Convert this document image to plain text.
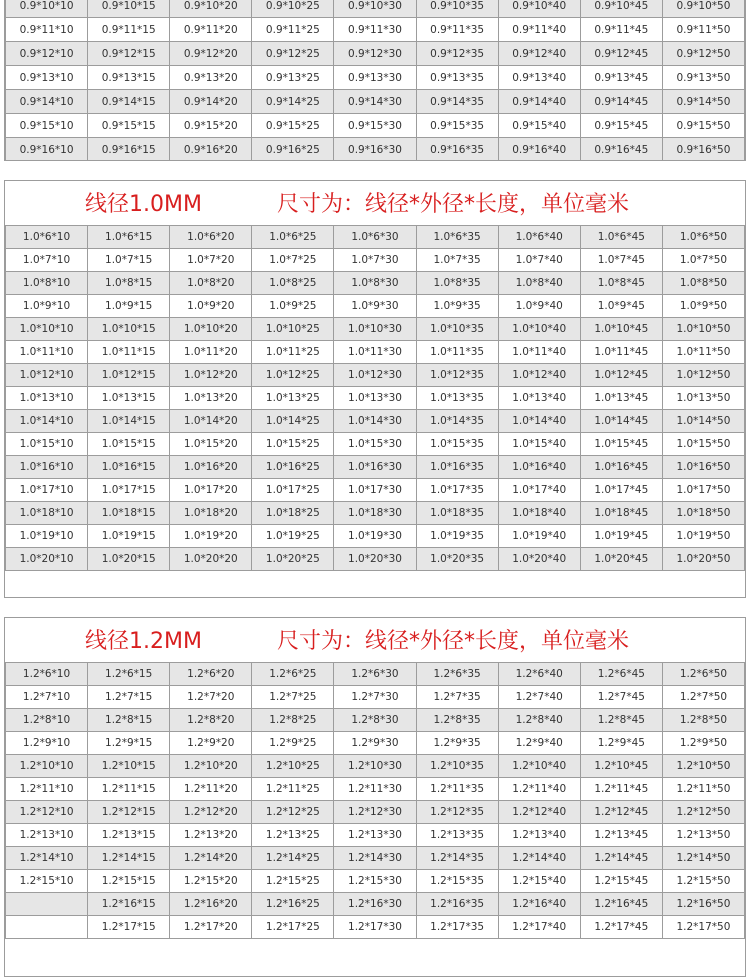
0.9*10*10	0.9*10*15	0.9*10*20	0.9*10*25	0.9*10*30	0.9*10*35	0.9*10*40	0.9*10*45	0.9*10*50
0.9*11*10	0.9*11*15	0.9*11*20	0.9*11*25	0.9*11*30	0.9*11*35	0.9*11*40	0.9*11*45	0.9*11*50
0.9*12*10	0.9*12*15	0.9*12*20	0.9*12*25	0.9*12*30	0.9*12*35	0.9*12*40	0.9*12*45	0.9*12*50
0.9*13*10	0.9*13*15	0.9*13*20	0.9*13*25	0.9*13*30	0.9*13*35	0.9*13*40	0.9*13*45	0.9*13*50
0.9*14*10	0.9*14*15	0.9*14*20	0.9*14*25	0.9*14*30	0.9*14*35	0.9*14*40	0.9*14*45	0.9*14*50
0.9*15*10	0.9*15*15	0.9*15*20	0.9*15*25	0.9*15*30	0.9*15*35	0.9*15*40	0.9*15*45	0.9*15*50
0.9*16*10	0.9*16*15	0.9*16*20	0.9*16*25	0.9*16*30	0.9*16*35	0.9*16*40	0.9*16*45	0.9*16*50
线径1.0MM	尺寸为：线径*外径*长度，单位毫米
1.0*6*10	1.0*6*15	1.0*6*20	1.0*6*25	1.0*6*30	1.0*6*35	1.0*6*40	1.0*6*45	1.0*6*50
1.0*7*10	1.0*7*15	1.0*7*20	1.0*7*25	1.0*7*30	1.0*7*35	1.0*7*40	1.0*7*45	1.0*7*50
1.0*8*10	1.0*8*15	1.0*8*20	1.0*8*25	1.0*8*30	1.0*8*35	1.0*8*40	1.0*8*45	1.0*8*50
1.0*9*10	1.0*9*15	1.0*9*20	1.0*9*25	1.0*9*30	1.0*9*35	1.0*9*40	1.0*9*45	1.0*9*50
1.0*10*10	1.0*10*15	1.0*10*20	1.0*10*25	1.0*10*30	1.0*10*35	1.0*10*40	1.0*10*45	1.0*10*50
1.0*11*10	1.0*11*15	1.0*11*20	1.0*11*25	1.0*11*30	1.0*11*35	1.0*11*40	1.0*11*45	1.0*11*50
1.0*12*10	1.0*12*15	1.0*12*20	1.0*12*25	1.0*12*30	1.0*12*35	1.0*12*40	1.0*12*45	1.0*12*50
1.0*13*10	1.0*13*15	1.0*13*20	1.0*13*25	1.0*13*30	1.0*13*35	1.0*13*40	1.0*13*45	1.0*13*50
1.0*14*10	1.0*14*15	1.0*14*20	1.0*14*25	1.0*14*30	1.0*14*35	1.0*14*40	1.0*14*45	1.0*14*50
1.0*15*10	1.0*15*15	1.0*15*20	1.0*15*25	1.0*15*30	1.0*15*35	1.0*15*40	1.0*15*45	1.0*15*50
1.0*16*10	1.0*16*15	1.0*16*20	1.0*16*25	1.0*16*30	1.0*16*35	1.0*16*40	1.0*16*45	1.0*16*50
1.0*17*10	1.0*17*15	1.0*17*20	1.0*17*25	1.0*17*30	1.0*17*35	1.0*17*40	1.0*17*45	1.0*17*50
1.0*18*10	1.0*18*15	1.0*18*20	1.0*18*25	1.0*18*30	1.0*18*35	1.0*18*40	1.0*18*45	1.0*18*50
1.0*19*10	1.0*19*15	1.0*19*20	1.0*19*25	1.0*19*30	1.0*19*35	1.0*19*40	1.0*19*45	1.0*19*50
1.0*20*10	1.0*20*15	1.0*20*20	1.0*20*25	1.0*20*30	1.0*20*35	1.0*20*40	1.0*20*45	1.0*20*50
线径1.2MM	尺寸为：线径*外径*长度，单位毫米
1.2*6*10	1.2*6*15	1.2*6*20	1.2*6*25	1.2*6*30	1.2*6*35	1.2*6*40	1.2*6*45	1.2*6*50
1.2*7*10	1.2*7*15	1.2*7*20	1.2*7*25	1.2*7*30	1.2*7*35	1.2*7*40	1.2*7*45	1.2*7*50
1.2*8*10	1.2*8*15	1.2*8*20	1.2*8*25	1.2*8*30	1.2*8*35	1.2*8*40	1.2*8*45	1.2*8*50
1.2*9*10	1.2*9*15	1.2*9*20	1.2*9*25	1.2*9*30	1.2*9*35	1.2*9*40	1.2*9*45	1.2*9*50
1.2*10*10	1.2*10*15	1.2*10*20	1.2*10*25	1.2*10*30	1.2*10*35	1.2*10*40	1.2*10*45	1.2*10*50
1.2*11*10	1.2*11*15	1.2*11*20	1.2*11*25	1.2*11*30	1.2*11*35	1.2*11*40	1.2*11*45	1.2*11*50
1.2*12*10	1.2*12*15	1.2*12*20	1.2*12*25	1.2*12*30	1.2*12*35	1.2*12*40	1.2*12*45	1.2*12*50
1.2*13*10	1.2*13*15	1.2*13*20	1.2*13*25	1.2*13*30	1.2*13*35	1.2*13*40	1.2*13*45	1.2*13*50
1.2*14*10	1.2*14*15	1.2*14*20	1.2*14*25	1.2*14*30	1.2*14*35	1.2*14*40	1.2*14*45	1.2*14*50
1.2*15*10	1.2*15*15	1.2*15*20	1.2*15*25	1.2*15*30	1.2*15*35	1.2*15*40	1.2*15*45	1.2*15*50
	1.2*16*15	1.2*16*20	1.2*16*25	1.2*16*30	1.2*16*35	1.2*16*40	1.2*16*45	1.2*16*50
	1.2*17*15	1.2*17*20	1.2*17*25	1.2*17*30	1.2*17*35	1.2*17*40	1.2*17*45	1.2*17*50
